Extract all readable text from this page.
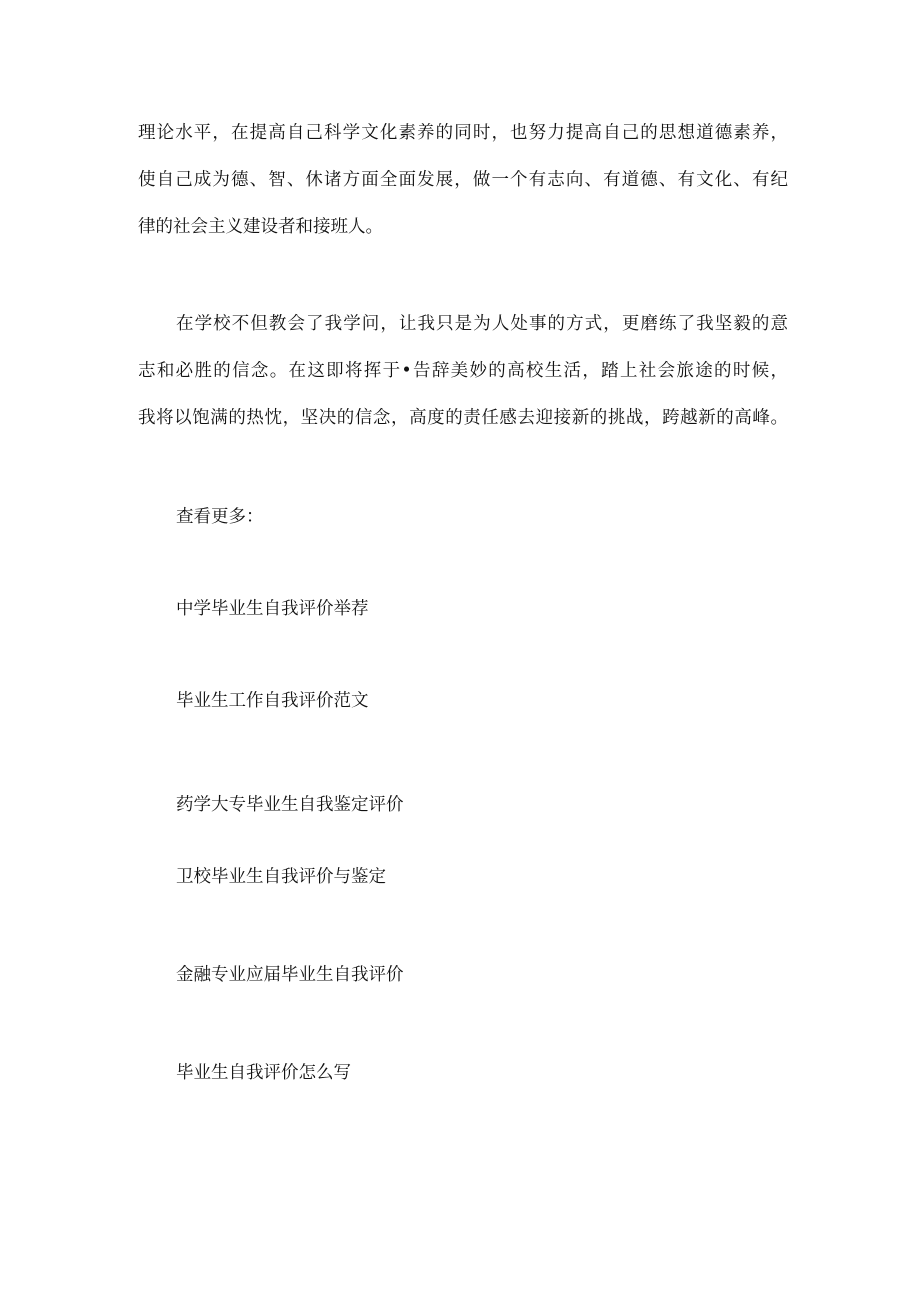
理论水平，在提高自己科学文化素养的同时，也努力提高自己的思想道德素养，
使自己成为德、智、休诸方面全面发展，做一个有志向、有道德、有文化、有纪
律的社会主义建设者和接班人。
在学校不但教会了我学问，让我只是为人处事的方式，更磨练了我坚毅的意
志和必胜的信念。在这即将挥于•告辞美妙的高校生活，踏上社会旅途的时候，
我将以饱满的热忱，坚决的信念，高度的责任感去迎接新的挑战，跨越新的高峰。
查看更多：
中学毕业生自我评价举荐
毕业生工作自我评价范文
药学大专毕业生自我鉴定评价
卫校毕业生自我评价与鉴定
金融专业应届毕业生自我评价
毕业生自我评价怎么写
